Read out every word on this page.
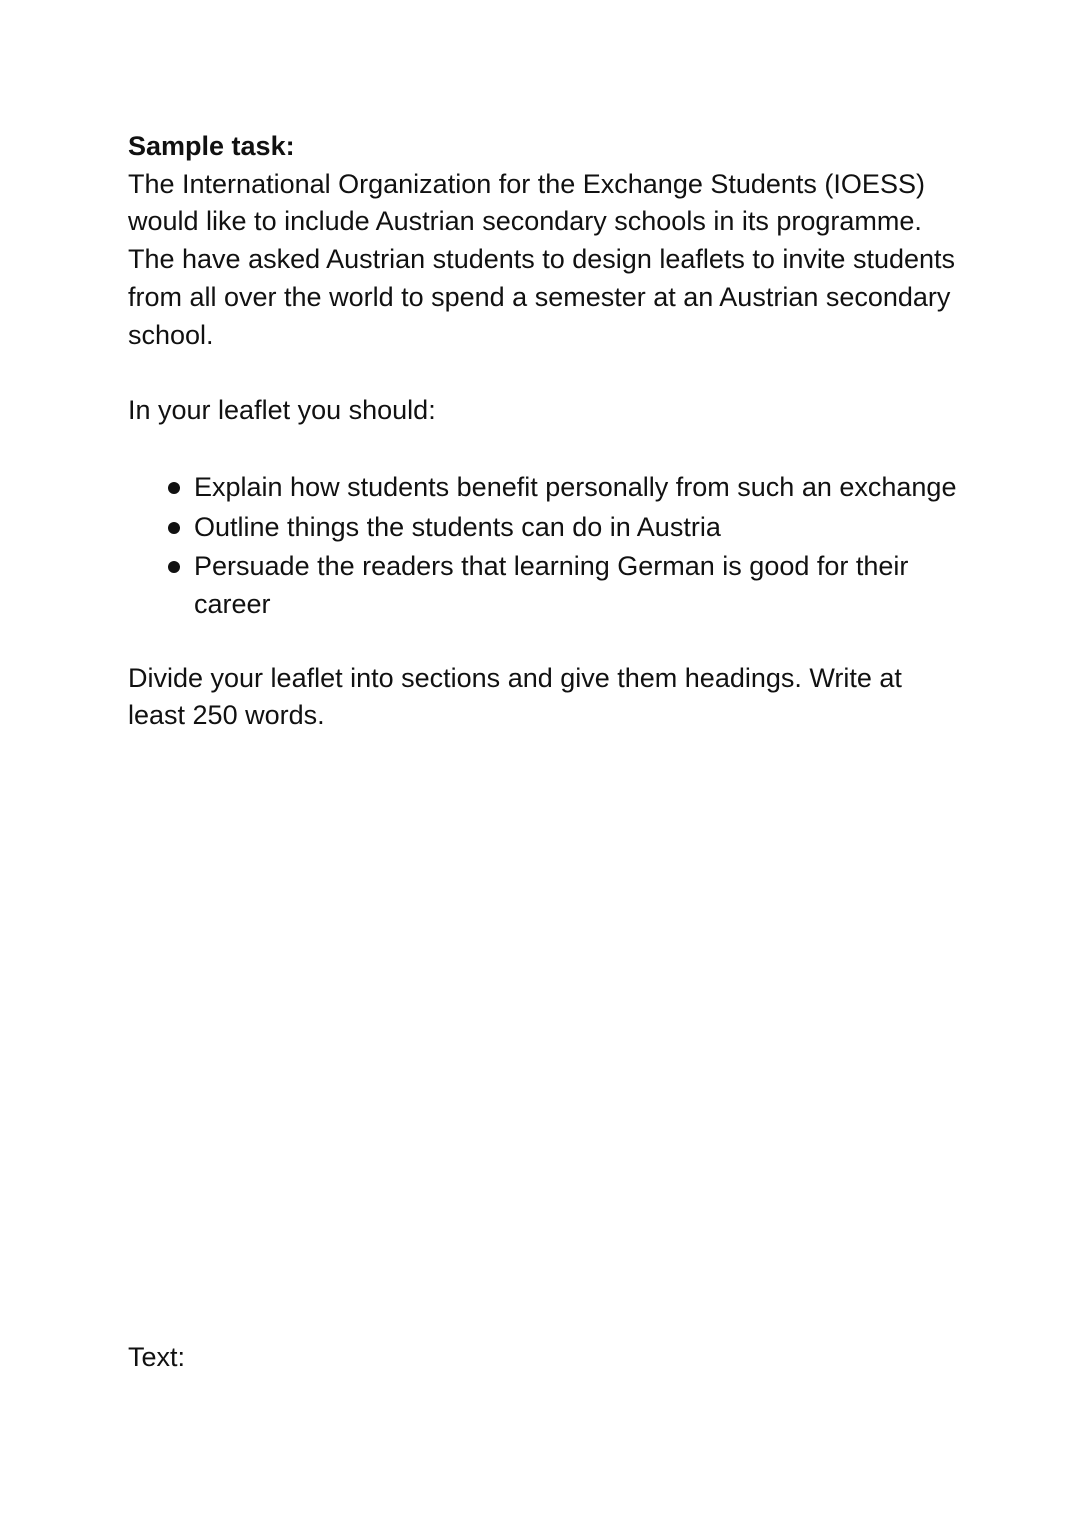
Sample task:

The International Organization for the Exchange Students (IOESS) would like to include Austrian secondary schools in its programme. The have asked Austrian students to design leaflets to invite students from all over the world to spend a semester at an Austrian secondary school.

In your leaflet you should:

Explain how students benefit personally from such an exchange
Outline things the students can do in Austria
Persuade the readers that learning German is good for their career

Divide your leaflet into sections and give them headings. Write at least 250 words.

Text:
